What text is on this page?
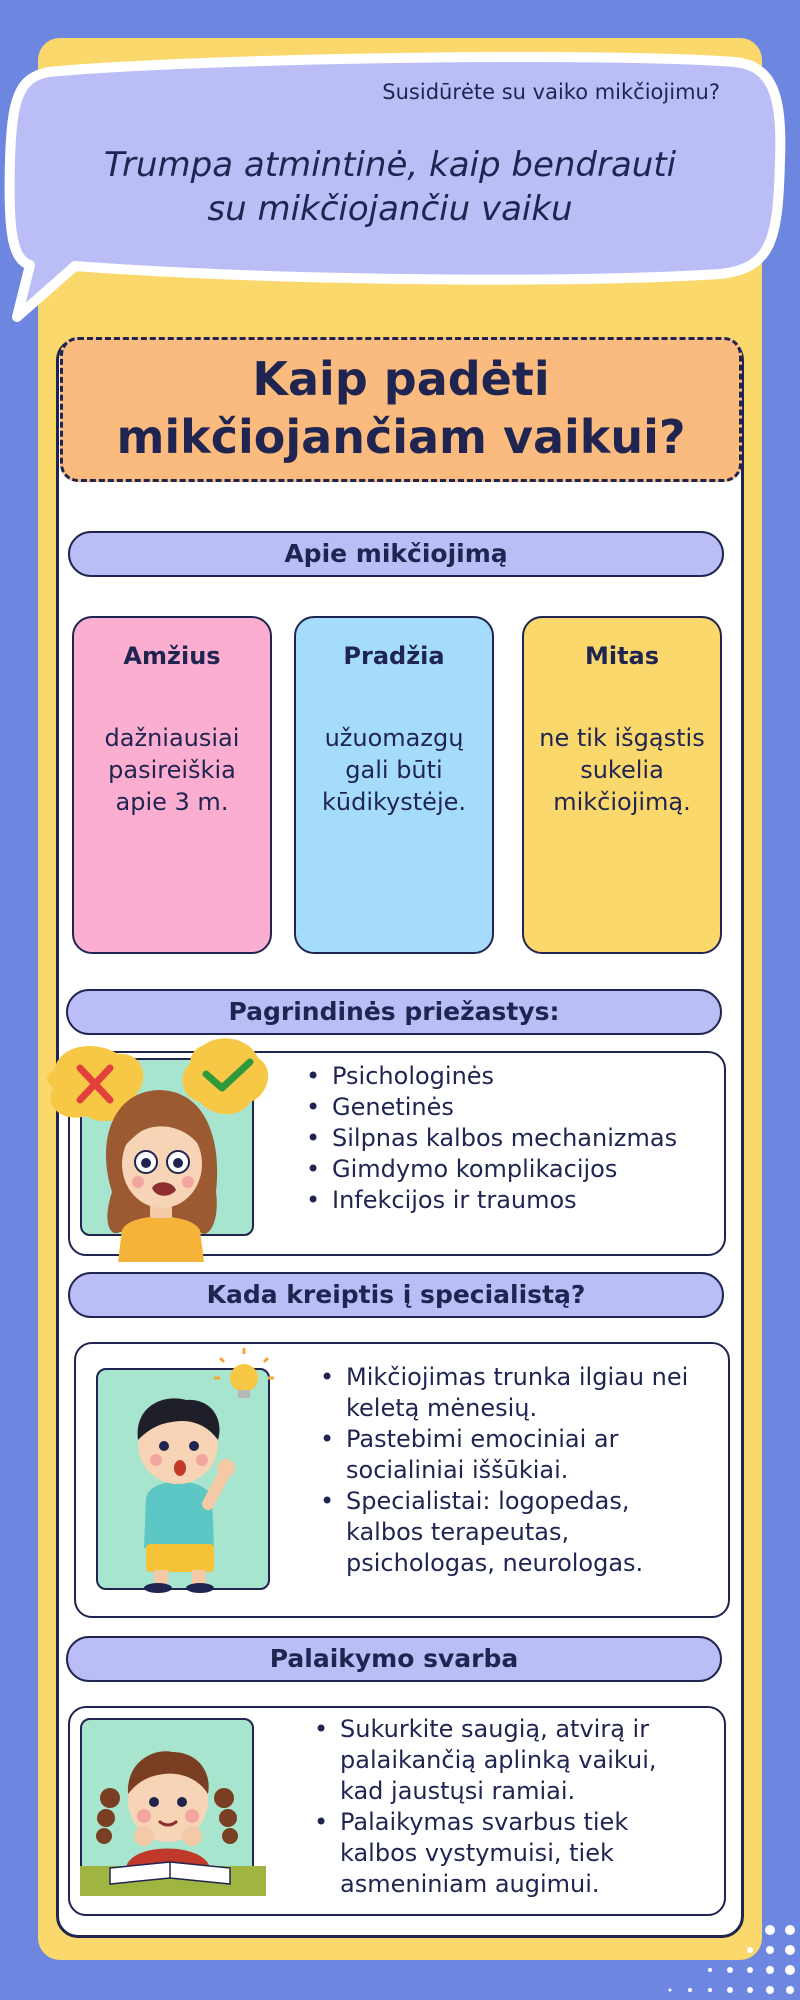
Susidūrėte su vaiko mikčiojimu?
Trumpa atmintinė, kaip bendrauti
su mikčiojančiu vaiku
Kaip padėti
mikčiojančiam vaikui?
Apie mikčiojimą
Amžius
dažniausiai
pasireiškia
apie 3 m.
Pradžia
užuomazgų
gali būti
kūdikystėje.
Mitas
ne tik išgąstis
sukelia
mikčiojimą.
Pagrindinės priežastys:
• Psichologinės
• Genetinės
• Silpnas kalbos mechanizmas
• Gimdymo komplikacijos
• Infekcijos ir traumos
Kada kreiptis į specialistą?
• Mikčiojimas trunka ilgiau nei
keletą mėnesių.
• Pastebimi emociniai ar
socialiniai iššūkiai.
• Specialistai: logopedas,
kalbos terapeutas,
psichologas, neurologas.
Palaikymo svarba
• Sukurkite saugią, atvirą ir
palaikančią aplinką vaikui,
kad jaustųsi ramiai.
• Palaikymas svarbus tiek
kalbos vystymuisi, tiek
asmeniniam augimui.
